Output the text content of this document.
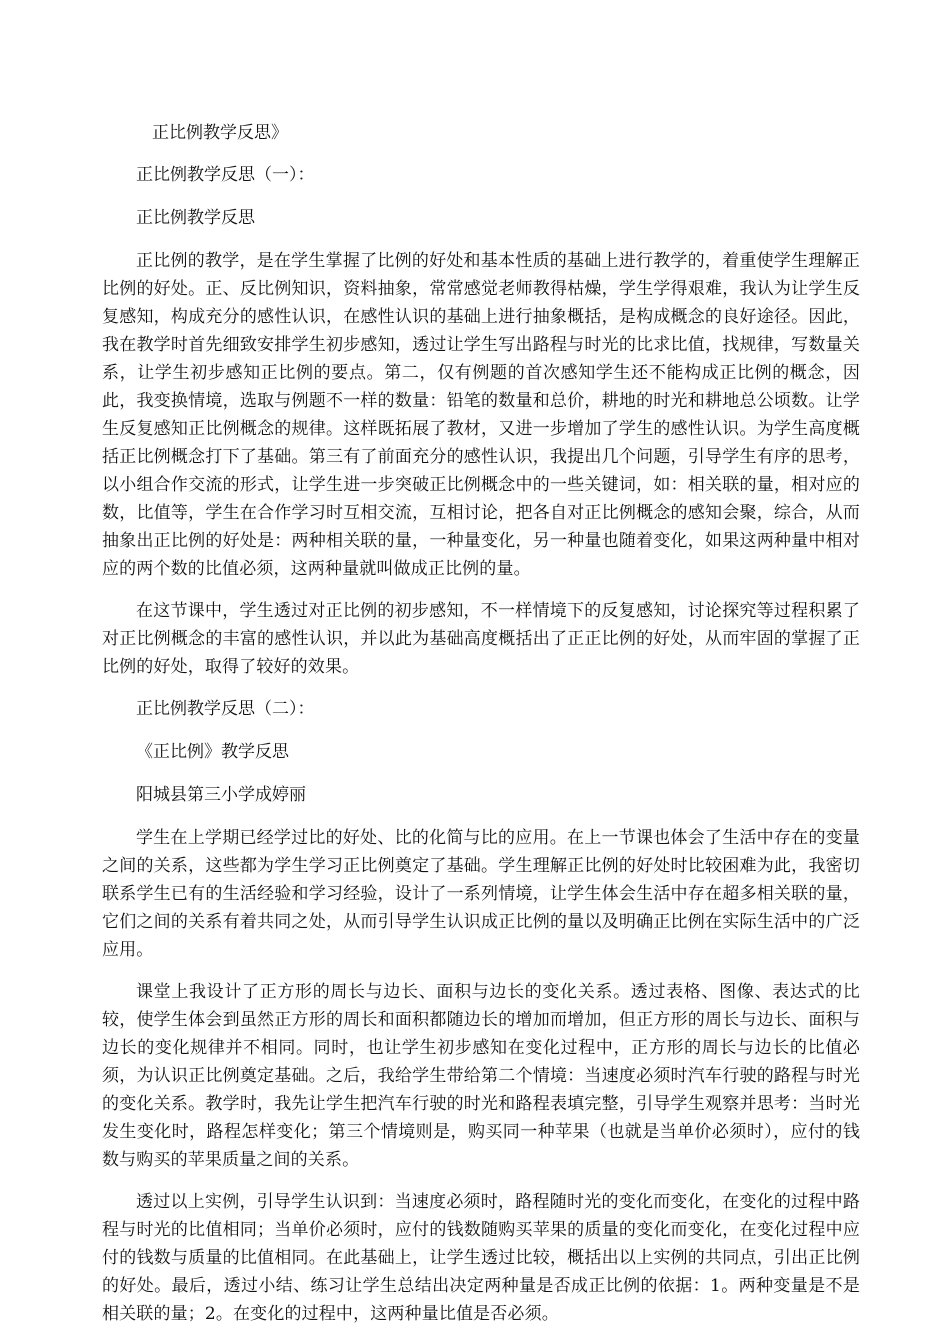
正比例教学反思》
正比例教学反思（一）：
正比例教学反思

正比例的教学，是在学生掌握了比例的好处和基本性质的基础上进行教学的，着重使学生理解正比例的好处。正、反比例知识，资料抽象，常常感觉老师教得枯燥，学生学得艰难，我认为让学生反复感知，构成充分的感性认识，在感性认识的基础上进行抽象概括，是构成概念的良好途径。因此，我在教学时首先细致安排学生初步感知，透过让学生写出路程与时光的比求比值，找规律，写数量关系，让学生初步感知正比例的要点。第二，仅有例题的首次感知学生还不能构成正比例的概念，因此，我变换情境，选取与例题不一样的数量：铅笔的数量和总价，耕地的时光和耕地总公顷数。让学生反复感知正比例概念的规律。这样既拓展了教材，又进一步增加了学生的感性认识。为学生高度概括正比例概念打下了基础。第三有了前面充分的感性认识，我提出几个问题，引导学生有序的思考，以小组合作交流的形式，让学生进一步突破正比例概念中的一些关键词，如：相关联的量，相对应的数，比值等，学生在合作学习时互相交流，互相讨论，把各自对正比例概念的感知会聚，综合，从而抽象出正比例的好处是：两种相关联的量，一种量变化，另一种量也随着变化，如果这两种量中相对应的两个数的比值必须，这两种量就叫做成正比例的量。

在这节课中，学生透过对正比例的初步感知，不一样情境下的反复感知，讨论探究等过程积累了对正比例概念的丰富的感性认识，并以此为基础高度概括出了正正比例的好处，从而牢固的掌握了正比例的好处，取得了较好的效果。

正比例教学反思（二）：
《正比例》教学反思
阳城县第三小学成婷丽

学生在上学期已经学过比的好处、比的化简与比的应用。在上一节课也体会了生活中存在的变量之间的关系，这些都为学生学习正比例奠定了基础。学生理解正比例的好处时比较困难为此，我密切联系学生已有的生活经验和学习经验，设计了一系列情境，让学生体会生活中存在超多相关联的量，它们之间的关系有着共同之处，从而引导学生认识成正比例的量以及明确正比例在实际生活中的广泛应用。

课堂上我设计了正方形的周长与边长、面积与边长的变化关系。透过表格、图像、表达式的比较，使学生体会到虽然正方形的周长和面积都随边长的增加而增加，但正方形的周长与边长、面积与边长的变化规律并不相同。同时，也让学生初步感知在变化过程中，正方形的周长与边长的比值必须，为认识正比例奠定基础。之后，我给学生带给第二个情境：当速度必须时汽车行驶的路程与时光的变化关系。教学时，我先让学生把汽车行驶的时光和路程表填完整，引导学生观察并思考：当时光发生变化时，路程怎样变化；第三个情境则是，购买同一种苹果（也就是当单价必须时），应付的钱数与购买的苹果质量之间的关系。

透过以上实例，引导学生认识到：当速度必须时，路程随时光的变化而变化，在变化的过程中路程与时光的比值相同；当单价必须时，应付的钱数随购买苹果的质量的变化而变化，在变化过程中应付的钱数与质量的比值相同。在此基础上，让学生透过比较，概括出以上实例的共同点，引出正比例的好处。最后，透过小结、练习让学生总结出决定两种量是否成正比例的依据：1。两种变量是不是相关联的量；2。在变化的过程中，这两种量比值是否必须。
